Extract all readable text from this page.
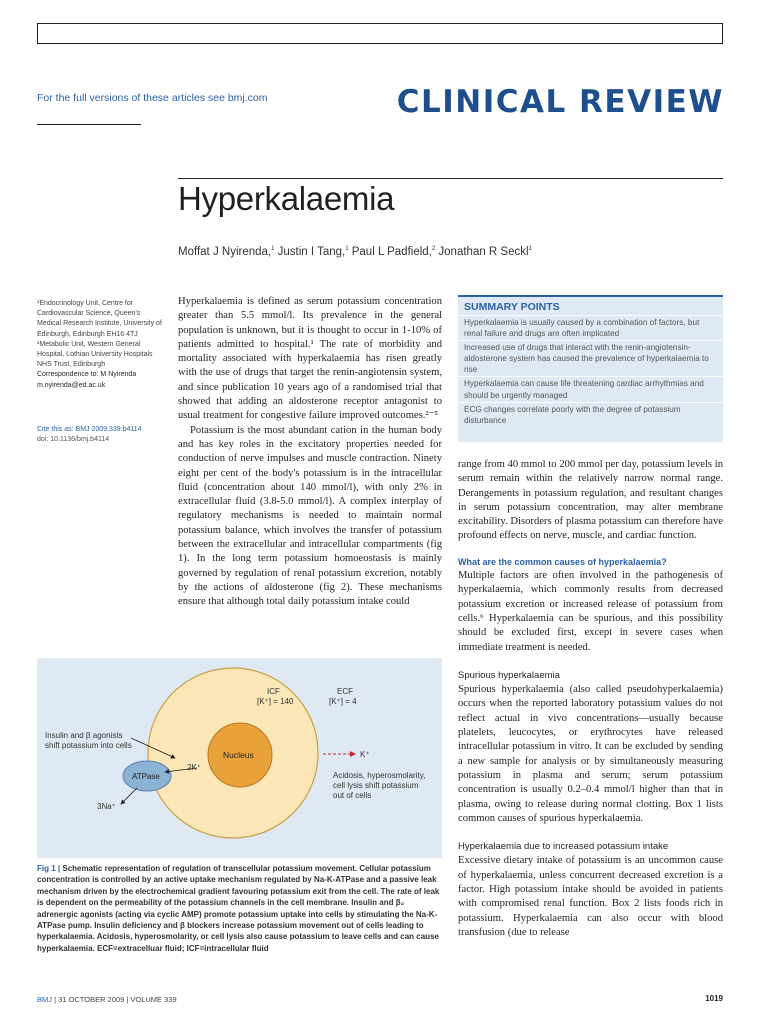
For the full versions of these articles see bmj.com	CLINICAL REVIEW
Hyperkalaemia
Moffat J Nyirenda,$^1$ Justin I Tang,$^1$ Paul L Padfield,$^2$ Jonathan R Seckl$^1$

¹Endocrinology Unit, Centre for Cardiovascular Science, Queen's Medical Research Institute, University of Edinburgh, Edinburgh EH16 4TJ

²Metabolic Unit, Western General Hospital, Lothian University Hospitals NHS Trust, Edinburgh

Correspondence to: M Nyirenda

m.nyirenda@ed.ac.uk

Cite this as: BMJ 2009;339:b4114
doi: 10.1136/bmj.b4114

Hyperkalaemia is defined as serum potassium concentration greater than 5.5 mmol/l. Its prevalence in the general population is unknown, but it is thought to occur in 1-10% of patients admitted to hospital.¹ The rate of morbidity and mortality associated with hyperkalaemia has risen greatly with the use of drugs that target the renin-angiotensin system, and since publication 10 years ago of a randomised trial that showed that adding an aldosterone receptor antagonist to usual treatment for congestive failure improved outcomes.²⁻⁵

Potassium is the most abundant cation in the human body and has key roles in the excitatory properties needed for conduction of nerve impulses and muscle contraction. Ninety eight per cent of the body's potassium is in the intracellular fluid (concentration about 140 mmol/l), with only 2% in extracellular fluid (3.8-5.0 mmol/l). A complex interplay of regulatory mechanisms is needed to maintain normal potassium balance, which involves the transfer of potassium between the extracellular and intracellular compartments (fig 1). In the long term potassium homoeostasis is mainly governed by regulation of renal potassium excretion, notably by the actions of aldosterone (fig 2). These mechanisms ensure that although total daily potassium intake could

SUMMARY POINTS
Hyperkalaemia is usually caused by a combination of factors, but renal failure and drugs are often implicated
Increased use of drugs that interact with the renin-angiotensin-aldosterone system has caused the prevalence of hyperkalaemia to rise
Hyperkalaemia can cause life threatening cardiac arrhythmias and should be urgently managed
ECG changes correlate poorly with the degree of potassium disturbance

range from 40 mmol to 200 mmol per day, potassium levels in serum remain within the relatively narrow normal range. Derangements in potassium regulation, and resultant changes in serum potassium concentration, may alter membrane excitability. Disorders of plasma potassium can therefore have profound effects on nerve, muscle, and cardiac function.

What are the common causes of hyperkalaemia?

Multiple factors are often involved in the pathogenesis of hyperkalaemia, which commonly results from decreased potassium excretion or increased release of potassium from cells.⁶ Hyperkalaemia can be spurious, and this possibility should be excluded first, except in severe cases when immediate treatment is needed.

Spurious hyperkalaemia

Spurious hyperkalaemia (also called pseudohyperkalaemia) occurs when the reported laboratory potassium values do not reflect actual in vivo concentrations—usually because platelets, leucocytes, or erythrocytes have released intracellular potassium in vitro. It can be excluded by sending a new sample for analysis or by simultaneously measuring potassium in plasma and serum; serum potassium concentration is usually 0.2–0.4 mmol/l higher than that in plasma, owing to release during normal clotting. Box 1 lists common causes of spurious hyperkalaemia.

Hyperkalaemia due to increased potassium intake

Excessive dietary intake of potassium is an uncommon cause of hyperkalaemia, unless concurrent decreased excretion is a factor. High potassium intake should be avoided in patients with compromised renal function. Box 2 lists foods rich in potassium. Hyperkalaemia can also occur with blood transfusion (due to release

ICF
[K⁺] = 140
ECF
[K⁺] = 4
Nucleus
Insulin and β agonists
shift potassium into cells
ATPase
2K⁺
3Na⁺
K⁺
Acidosis, hyperosmolarity,
cell lysis shift potassium
out of cells
Fig 1 | Schematic representation of regulation of transcellular potassium movement. Cellular potassium concentration is controlled by an active uptake mechanism regulated by Na-K-ATPase and a passive leak mechanism driven by the electrochemical gradient favouring potassium exit from the cell. The rate of leak is dependent on the permeability of the potassium channels in the cell membrane. Insulin and β₂ adrenergic agonists (acting via cyclic AMP) promote potassium uptake into cells by stimulating the Na-K-ATPase pump. Insulin deficiency and β blockers increase potassium movement out of cells leading to hyperkalaemia. Acidosis, hyperosmolarity, or cell lysis also cause potassium to leave cells and can cause hyperkalaemia. ECF=extracelluar fluid; ICF=intracellular fluid
BMJ | 31 OCTOBER 2009 | VOLUME 339	1019
